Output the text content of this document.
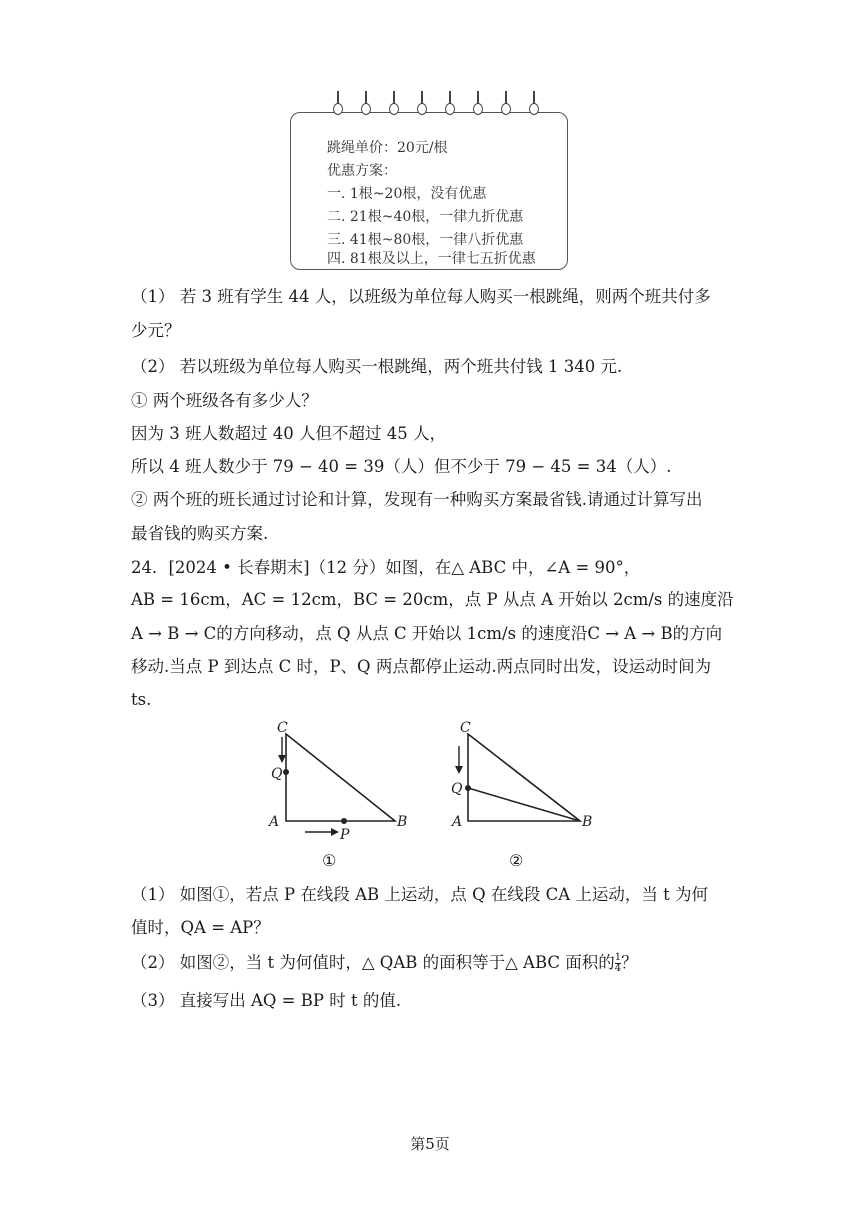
跳绳单价：20元/根
优惠方案：
一. 1根~20根，没有优惠
二. 21根~40根，一律九折优惠
三. 41根~80根，一律八折优惠
四. 81根及以上，一律七五折优惠
（1） 若 3 班有学生 44 人，以班级为单位每人购买一根跳绳，则两个班共付多
少元？
（2） 若以班级为单位每人购买一根跳绳，两个班共付钱 1 340 元.
① 两个班级各有多少人？
因为 3 班人数超过 40 人但不超过 45 人，
所以 4 班人数少于 79 − 40 = 39（人）但不少于 79 − 45 = 34（人）.
② 两个班的班长通过讨论和计算，发现有一种购买方案最省钱.请通过计算写出
最省钱的购买方案.
24．[2024 • 长春期末]（12 分）如图，在△ ABC 中，∠A = 90°，
AB = 16cm，AC = 12cm，BC = 20cm，点 P 从点 A 开始以 2cm/s 的速度沿
A → B → C的方向移动，点 Q 从点 C 开始以 1cm/s 的速度沿C → A → B的方向
移动.当点 P 到达点 C 时，P、Q 两点都停止运动.两点同时出发，设运动时间为
ts.
C
Q
A
P
B
①
C
Q
A	B
②
（1） 如图①，若点 P 在线段 AB 上运动，点 Q 在线段 CA 上运动，当 t 为何
值时，QA = AP？
（2） 如图②，当 t 为何值时，△ QAB 的面积等于△ ABC 面积的 $\frac{1}{4}$ ？
（3） 直接写出 AQ = BP 时 t 的值.
第5页
